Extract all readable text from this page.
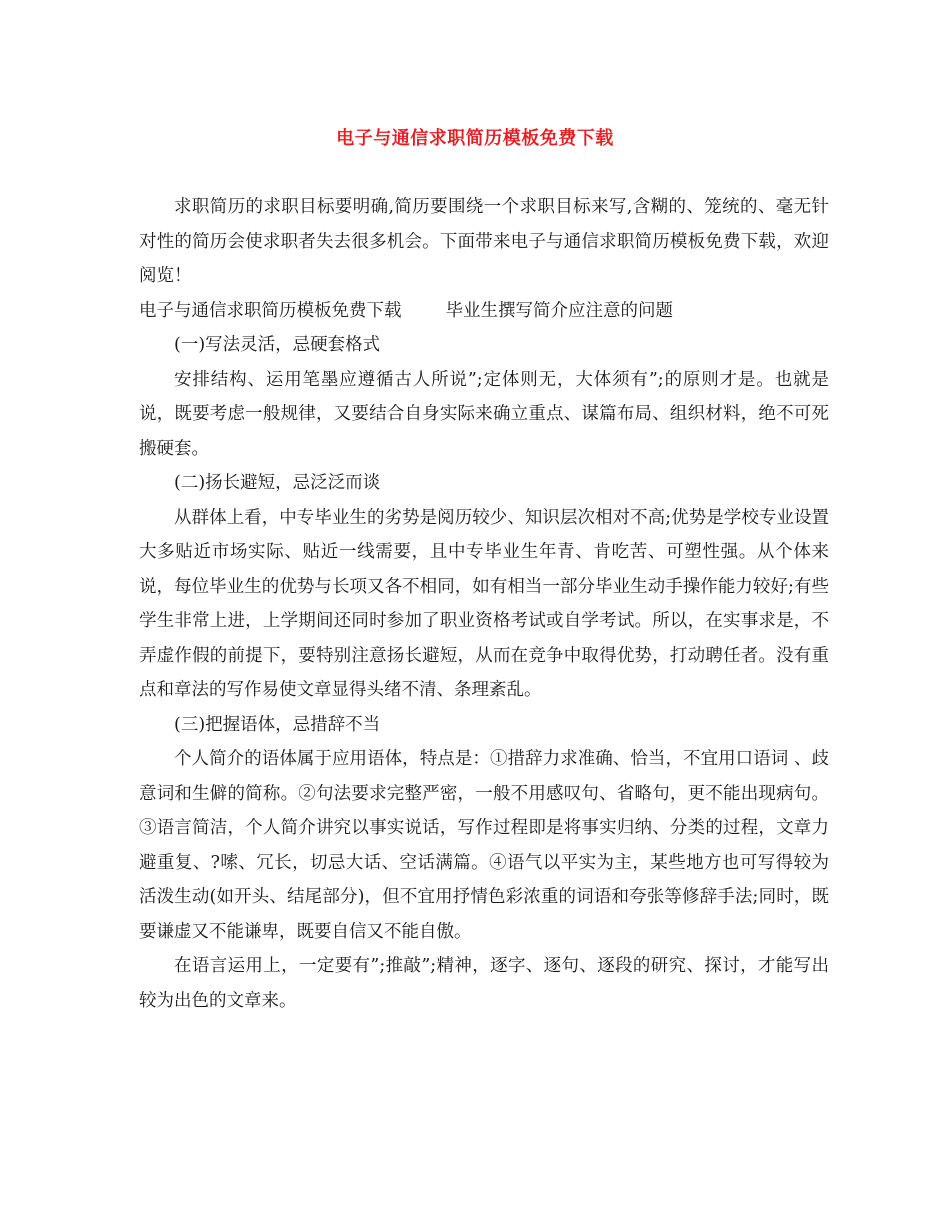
电子与通信求职简历模板免费下载

求职简历的求职目标要明确,简历要围绕一个求职目标来写,含糊的、笼统的、毫无针对性的简历会使求职者失去很多机会。下面带来电子与通信求职简历模板免费下载，欢迎阅览！

电子与通信求职简历模板免费下载	毕业生撰写简介应注意的问题

(一)写法灵活，忌硬套格式

安排结构、运用笔墨应遵循古人所说”;定体则无，大体须有”;的原则才是。也就是说，既要考虑一般规律，又要结合自身实际来确立重点、谋篇布局、组织材料，绝不可死搬硬套。

(二)扬长避短，忌泛泛而谈

从群体上看，中专毕业生的劣势是阅历较少、知识层次相对不高;优势是学校专业设置大多贴近市场实际、贴近一线需要，且中专毕业生年青、肯吃苦、可塑性强。从个体来说，每位毕业生的优势与长项又各不相同，如有相当一部分毕业生动手操作能力较好;有些学生非常上进，上学期间还同时参加了职业资格考试或自学考试。所以，在实事求是，不弄虚作假的前提下，要特别注意扬长避短，从而在竞争中取得优势，打动聘任者。没有重点和章法的写作易使文章显得头绪不清、条理紊乱。

(三)把握语体，忌措辞不当

个人简介的语体属于应用语体，特点是：①措辞力求准确、恰当，不宜用口语词 、歧意词和生僻的简称。②句法要求完整严密，一般不用感叹句、省略句，更不能出现病句。③语言简洁，个人简介讲究以事实说话，写作过程即是将事实归纳、分类的过程，文章力避重复、?嗦、冗长，切忌大话、空话满篇。④语气以平实为主，某些地方也可写得较为活泼生动(如开头、结尾部分)，但不宜用抒情色彩浓重的词语和夸张等修辞手法;同时，既要谦虚又不能谦卑，既要自信又不能自傲。

在语言运用上，一定要有”;推敲”;精神，逐字、逐句、逐段的研究、探讨，才能写出较为出色的文章来。
